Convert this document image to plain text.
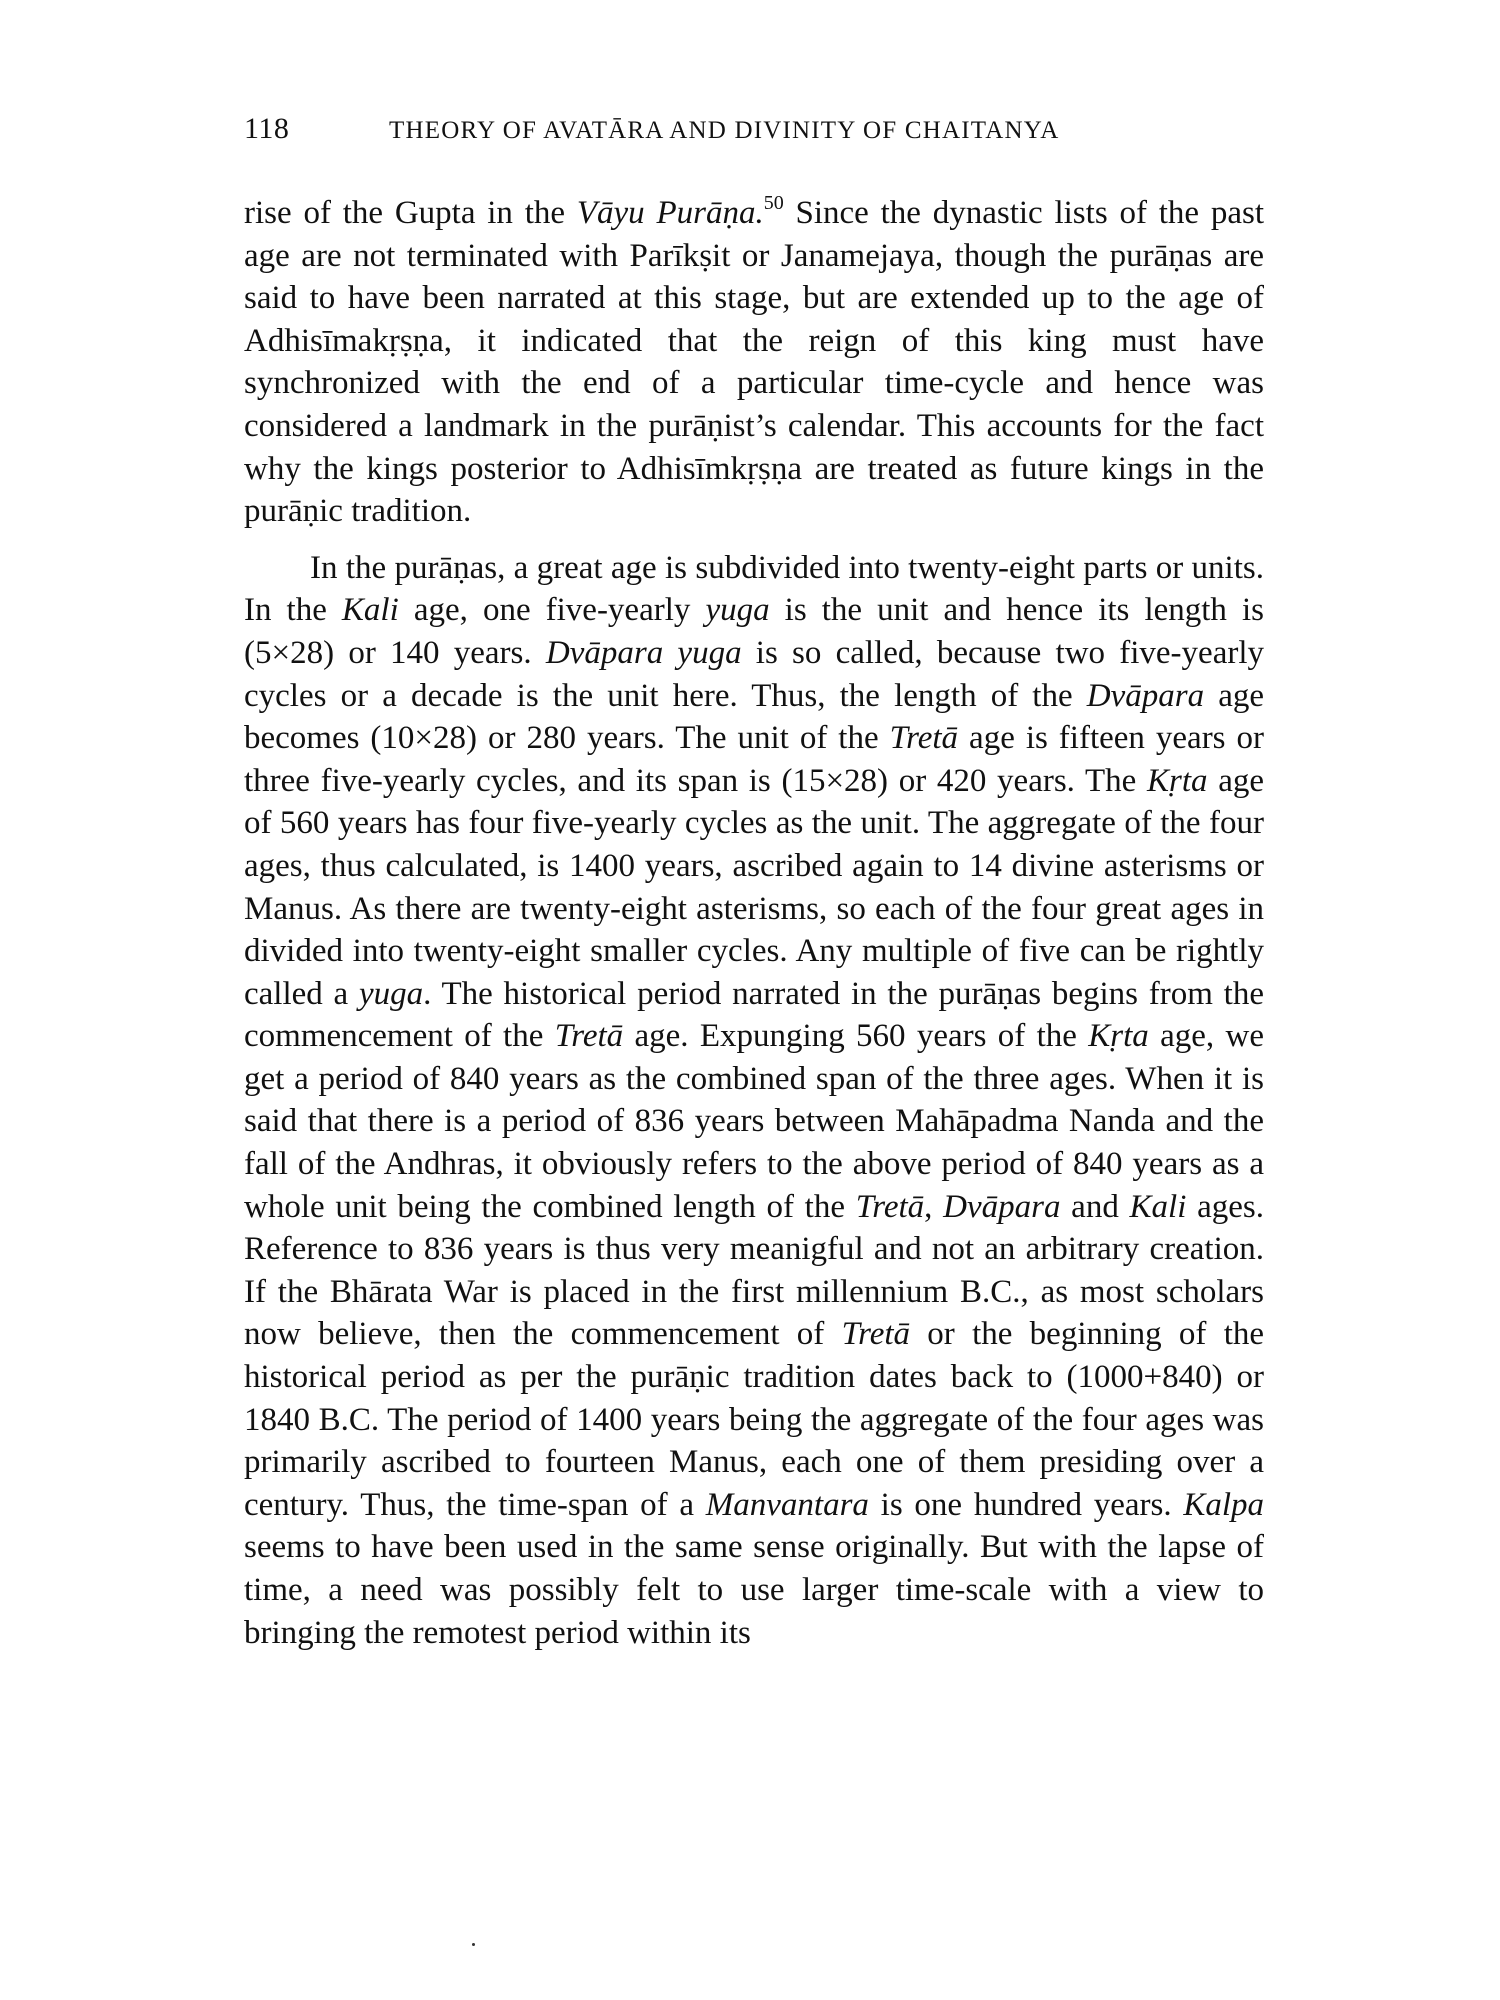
118	THEORY OF AVATĀRA AND DIVINITY OF CHAITANYA

rise of the Gupta in the Vāyu Purāṇa.$^{50}$ Since the dynastic lists of the past age are not terminated with Parīkṣit or Janamejaya, though the purāṇas are said to have been narrated at this stage, but are extended up to the age of Adhisīmakṛṣṇa, it indicated that the reign of this king must have synchronized with the end of a particular time-cycle and hence was considered a landmark in the purāṇist’s calendar. This accounts for the fact why the kings posterior to Adhisīmkṛṣṇa are treated as future kings in the purāṇic tradition.

In the purāṇas, a great age is subdivided into twenty-eight parts or units. In the Kali age, one five-yearly yuga is the unit and hence its length is (5×28) or 140 years. Dvāpara yuga is so called, because two five-yearly cycles or a decade is the unit here. Thus, the length of the Dvāpara age becomes (10×28) or 280 years. The unit of the Tretā age is fifteen years or three five-yearly cycles, and its span is (15×28) or 420 years. The Kṛta age of 560 years has four five-yearly cycles as the unit. The aggregate of the four ages, thus calculated, is 1400 years, ascribed again to 14 divine asterisms or Manus. As there are twenty-eight asterisms, so each of the four great ages in divided into twenty-eight smaller cycles. Any multiple of five can be rightly called a yuga. The historical period narrated in the purāṇas begins from the commencement of the Tretā age. Expunging 560 years of the Kṛta age, we get a period of 840 years as the combined span of the three ages. When it is said that there is a period of 836 years between Mahāpadma Nanda and the fall of the Andhras, it obviously refers to the above period of 840 years as a whole unit being the combined length of the Tretā, Dvāpara and Kali ages. Reference to 836 years is thus very meanigful and not an arbitrary creation. If the Bhārata War is placed in the first millennium B.C., as most scholars now believe, then the commencement of Tretā or the beginning of the historical period as per the purāṇic tradition dates back to (1000+840) or 1840 B.C. The period of 1400 years being the aggregate of the four ages was primarily ascribed to fourteen Manus, each one of them presiding over a century. Thus, the time-span of a Manvantara is one hundred years. Kalpa seems to have been used in the same sense originally. But with the lapse of time, a need was possibly felt to use larger time-scale with a view to bringing the remotest period within its
